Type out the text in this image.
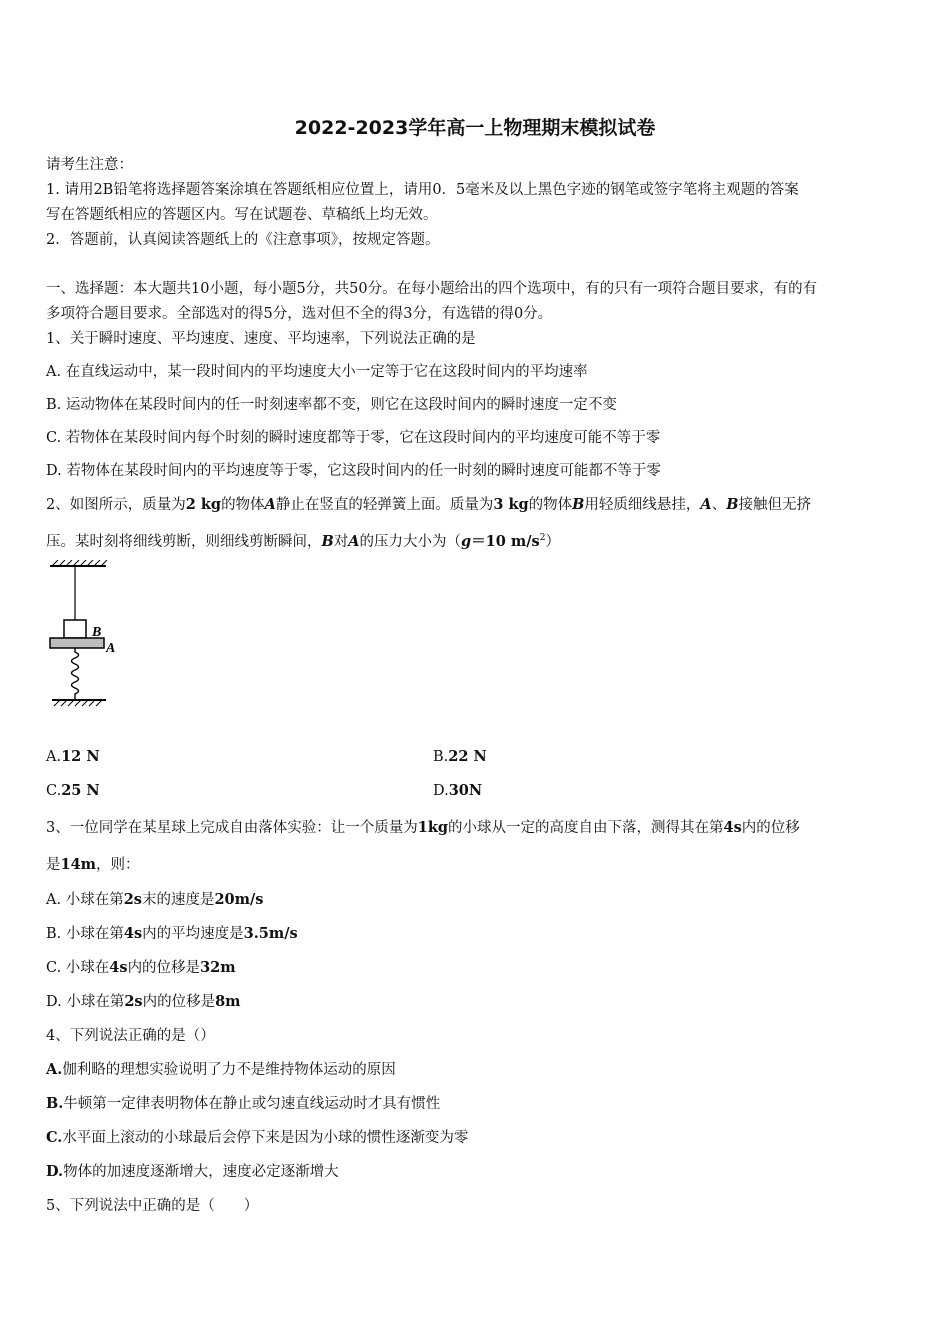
2022-2023学年高一上物理期末模拟试卷
请考生注意：
1. 请用2B铅笔将选择题答案涂填在答题纸相应位置上，请用0．5毫米及以上黑色字迹的钢笔或签字笔将主观题的答案
写在答题纸相应的答题区内。写在试题卷、草稿纸上均无效。
2．答题前，认真阅读答题纸上的《注意事项》，按规定答题。
一、选择题：本大题共10小题，每小题5分，共50分。在每小题给出的四个选项中，有的只有一项符合题目要求，有的有
多项符合题目要求。全部选对的得5分，选对但不全的得3分，有选错的得0分。
1、关于瞬时速度、平均速度、速度、平均速率，下列说法正确的是
A. 在直线运动中，某一段时间内的平均速度大小一定等于它在这段时间内的平均速率
B. 运动物体在某段时间内的任一时刻速率都不变，则它在这段时间内的瞬时速度一定不变
C. 若物体在某段时间内每个时刻的瞬时速度都等于零，它在这段时间内的平均速度可能不等于零
D. 若物体在某段时间内的平均速度等于零，它这段时间内的任一时刻的瞬时速度可能都不等于零
2、如图所示，质量为2 kg的物体A静止在竖直的轻弹簧上面。质量为3 kg的物体B用轻质细线悬挂，A、B接触但无挤
压。某时刻将细线剪断，则细线剪断瞬间，B对A的压力大小为（g＝10 $m/s^2$）
B
A
A.12 N	B.22 N
C.25 N	D.30N
3、一位同学在某星球上完成自由落体实验：让一个质量为1kg的小球从一定的高度自由下落，测得其在第4s内的位移
是14m，则：
A. 小球在第2s末的速度是20m/s
B. 小球在第4s内的平均速度是3.5m/s
C. 小球在4s内的位移是32m
D. 小球在第2s内的位移是8m
4、下列说法正确的是（）
A.伽利略的理想实验说明了力不是维持物体运动的原因
B.牛顿第一定律表明物体在静止或匀速直线运动时才具有惯性
C.水平面上滚动的小球最后会停下来是因为小球的惯性逐渐变为零
D.物体的加速度逐渐增大，速度必定逐渐增大
5、下列说法中正确的是（　　）
